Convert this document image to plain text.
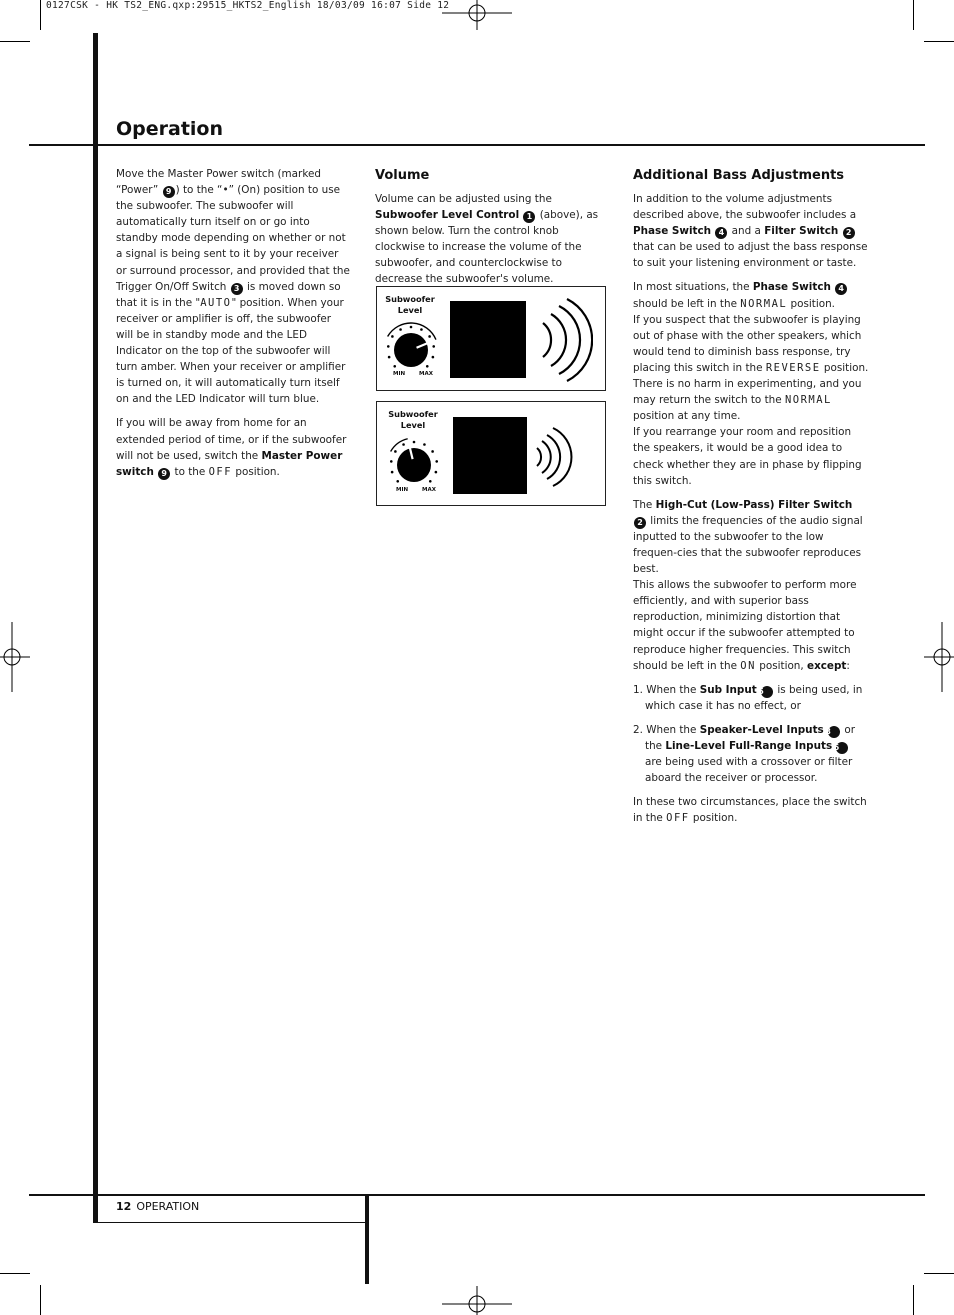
0127CSK - HK TS2_ENG.qxp:29515_HKTS2_English 18/03/09 16:07 Side 12
Operation

Move the Master Power switch (marked “Power” 9 ) to the “•” (On) position to use the subwoofer. The subwoofer will automatically turn itself on or go into standby mode depending on whether or not a signal is being sent to it by your receiver or surround processor, and provided that the Trigger On/Off Switch 3 is moved down so that it is in the "AUTO" position. When your receiver or amplifier is off, the subwoofer will be in standby mode and the LED Indicator on the top of the subwoofer will turn amber. When your receiver or amplifier is turned on, it will automatically turn itself on and the LED Indicator will turn blue.

If you will be away from home for an extended period of time, or if the subwoofer will not be used, switch the Master Power switch 9 to the OFF position.

Volume

Volume can be adjusted using the Subwoofer Level Control 1 (above), as shown below. Turn the control knob clockwise to increase the volume of the subwoofer, and counterclockwise to decrease the subwoofer's volume.

Subwoofer Level
MIN	MAX
Subwoofer Level
MIN	MAX
Additional Bass Adjustments

In addition to the volume adjustments described above, the subwoofer includes a Phase Switch 4 and a Filter Switch 2 that can be used to adjust the bass response to suit your listening environment or taste.

In most situations, the Phase Switch 4 should be left in the NORMAL position.

If you suspect that the subwoofer is playing out of phase with the other speakers, which would tend to diminish bass response, try placing this switch in the REVERSE position. There is no harm in experimenting, and you may return the switch to the NORMAL position at any time.

If you rearrange your room and reposition the speakers, it would be a good idea to check whether they are in phase by flipping this switch.

The High-Cut (Low-Pass) Filter Switch 2 limits the frequencies of the audio signal inputted to the subwoofer to the low frequen-cies that the subwoofer reproduces best.

This allows the subwoofer to perform more efficiently, and with superior bass reproduction, minimizing distortion that might occur if the subwoofer attempted to reproduce higher frequencies. This switch should be left in the ON position, except:

1. When the Sub Input 5 is being used, in which case it has no effect, or
2. When the Speaker-Level Inputs 8 or the Line-Level Full-Range Inputs 6 are being used with a crossover or filter aboard the receiver or processor.

In these two circumstances, place the switch in the OFF position.

12 OPERATION
